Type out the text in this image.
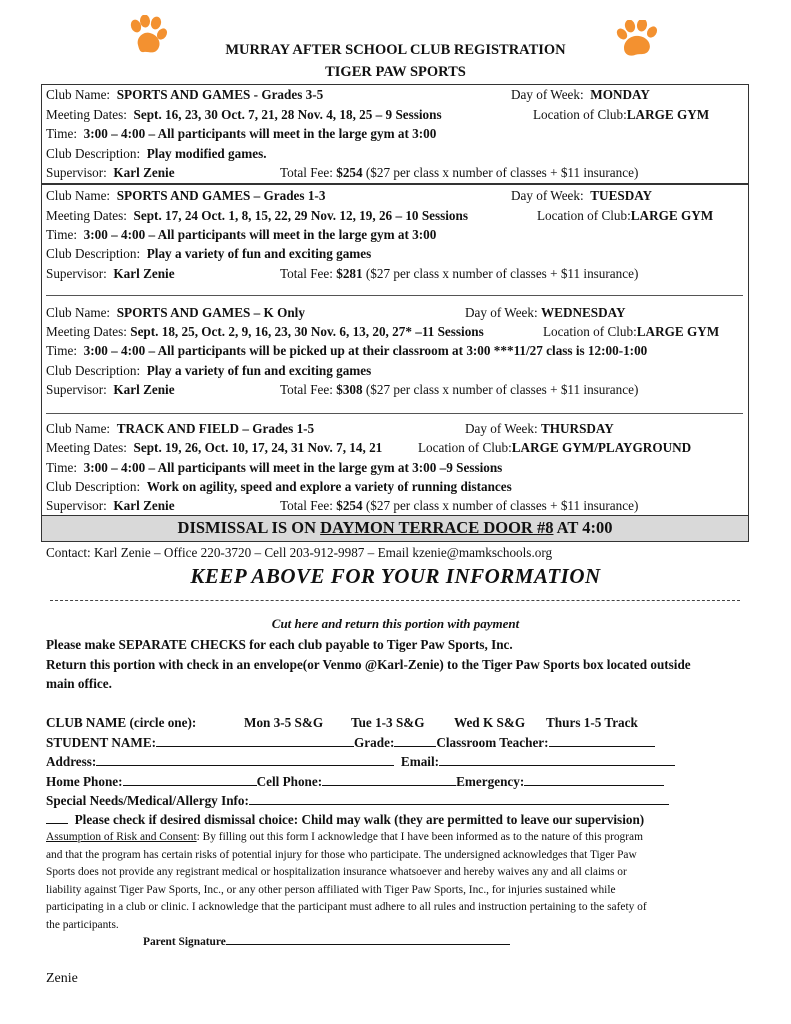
MURRAY AFTER SCHOOL CLUB REGISTRATION
TIGER PAW SPORTS
Club Name: SPORTS AND GAMES - Grades 3-5	Day of Week: MONDAY
Meeting Dates: Sept. 16, 23, 30 Oct. 7, 21, 28 Nov. 4, 18, 25 – 9 Sessions	Location of Club:LARGE GYM
Time: 3:00 – 4:00 – All participants will meet in the large gym at 3:00
Club Description: Play modified games.
Supervisor: Karl Zenie	Total Fee: $254 ($27 per class x number of classes + $11 insurance)
Club Name: SPORTS AND GAMES – Grades 1-3	Day of Week: TUESDAY
Meeting Dates: Sept. 17, 24 Oct. 1, 8, 15, 22, 29 Nov. 12, 19, 26 – 10 Sessions	Location of Club:LARGE GYM
Time: 3:00 – 4:00 – All participants will meet in the large gym at 3:00
Club Description: Play a variety of fun and exciting games
Supervisor: Karl Zenie	Total Fee: $281 ($27 per class x number of classes + $11 insurance)
Club Name: SPORTS AND GAMES – K Only	Day of Week: WEDNESDAY
Meeting Dates: Sept. 18, 25, Oct. 2, 9, 16, 23, 30 Nov. 6, 13, 20, 27* –11 Sessions	Location of Club:LARGE GYM
Time: 3:00 – 4:00 – All participants will be picked up at their classroom at 3:00 ***11/27 class is 12:00-1:00
Club Description: Play a variety of fun and exciting games
Supervisor: Karl Zenie	Total Fee: $308 ($27 per class x number of classes + $11 insurance)
Club Name: TRACK AND FIELD – Grades 1-5	Day of Week: THURSDAY
Meeting Dates: Sept. 19, 26, Oct. 10, 17, 24, 31 Nov. 7, 14, 21	Location of Club:LARGE GYM/PLAYGROUND
Time: 3:00 – 4:00 – All participants will meet in the large gym at 3:00 –9 Sessions
Club Description: Work on agility, speed and explore a variety of running distances
Supervisor: Karl Zenie	Total Fee: $254 ($27 per class x number of classes + $11 insurance)
DISMISSAL IS ON DAYMON TERRACE DOOR #8 AT 4:00
Contact: Karl Zenie – Office 220-3720 – Cell 203-912-9987 – Email kzenie@mamkschools.org
KEEP ABOVE FOR YOUR INFORMATION
Cut here and return this portion with payment
Please make SEPARATE CHECKS for each club payable to Tiger Paw Sports, Inc.
Return this portion with check in an envelope(or Venmo @Karl-Zenie) to the Tiger Paw Sports box located outside
main office.
CLUB NAME (circle one):	Mon 3-5 S&G Tue 1-3 S&G Wed K S&G Thurs 1-5 Track
STUDENT NAME:	Grade:	Classroom Teacher:
Address:	Email:
Home Phone:	Cell Phone:	Emergency:
Special Needs/Medical/Allergy Info:
Please check if desired dismissal choice: Child may walk (they are permitted to leave our supervision)
Assumption of Risk and Consent: By filling out this form I acknowledge that I have been informed as to the nature of this program
and that the program has certain risks of potential injury for those who participate. The undersigned acknowledges that Tiger Paw
Sports does not provide any registrant medical or hospitalization insurance whatsoever and hereby waives any and all claims or
liability against Tiger Paw Sports, Inc., or any other person affiliated with Tiger Paw Sports, Inc., for injuries sustained while
participating in a club or clinic. I acknowledge that the participant must adhere to all rules and instruction pertaining to the safety of
the participants.
Parent Signature
Zenie
